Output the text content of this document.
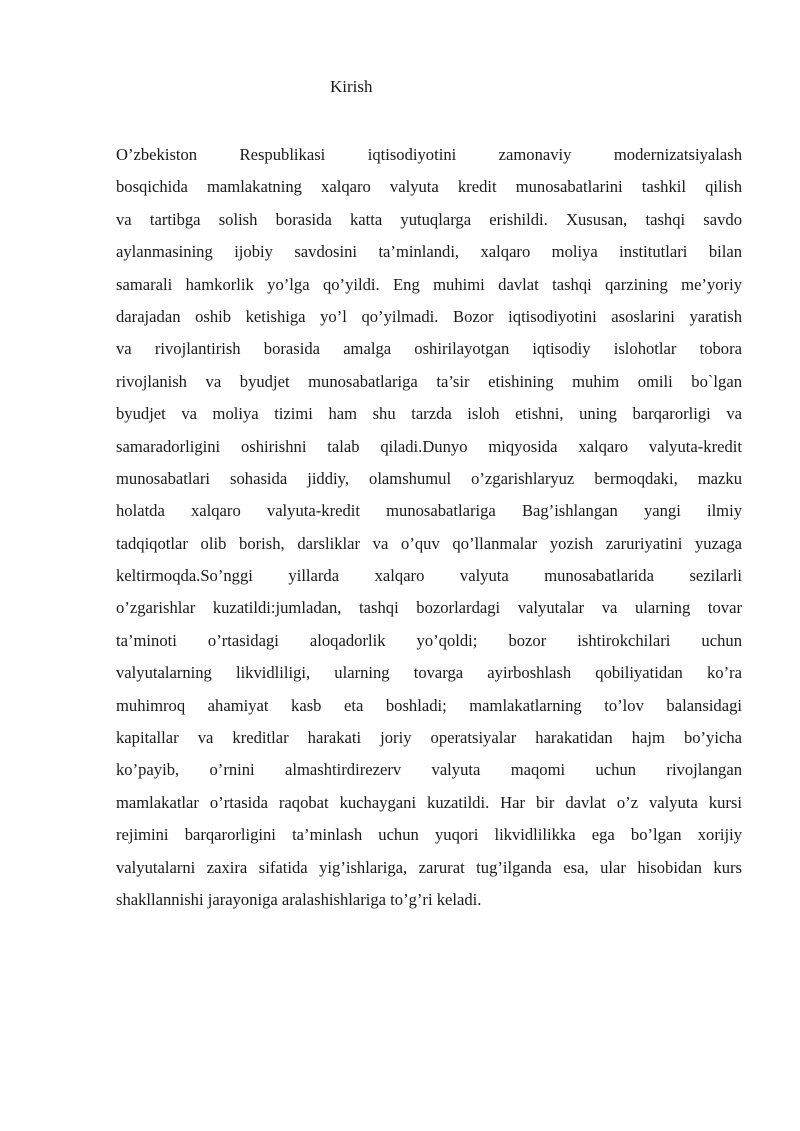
Kirish
O’zbekiston Respublikasi iqtisodiyotini zamonaviy modernizatsiyalash
bosqichida mamlakatning xalqaro valyuta kredit munosabatlarini tashkil qilish
va tartibga solish borasida katta yutuqlarga erishildi. Xususan, tashqi savdo
aylanmasining ijobiy savdosini ta’minlandi, xalqaro moliya institutlari bilan
samarali hamkorlik yo’lga qo’yildi. Eng muhimi davlat tashqi qarzining me’yoriy
darajadan oshib ketishiga yo’l qo’yilmadi. Bozor iqtisodiyotini asoslarini yaratish
va rivojlantirish borasida amalga oshirilayotgan iqtisodiy islohotlar tobora
rivojlanish va byudjet munosabatlariga ta’sir etishining muhim omili bo`lgan
byudjet va moliya tizimi ham shu tarzda isloh etishni, uning barqarorligi va
samaradorligini oshirishni talab qiladi.Dunyo miqyosida xalqaro valyuta-kredit
munosabatlari sohasida jiddiy, olamshumul o’zgarishlaryuz bermoqdaki, mazku
holatda xalqaro valyuta-kredit munosabatlariga Bag’ishlangan yangi ilmiy
tadqiqotlar olib borish, darsliklar va o’quv qo’llanmalar yozish zaruriyatini yuzaga
keltirmoqda.So’nggi yillarda xalqaro valyuta munosabatlarida sezilarli
o’zgarishlar kuzatildi:jumladan, tashqi bozorlardagi valyutalar va ularning tovar
ta’minoti o’rtasidagi aloqadorlik yo’qoldi; bozor ishtirokchilari uchun
valyutalarning likvidliligi, ularning tovarga ayirboshlash qobiliyatidan ko’ra
muhimroq ahamiyat kasb eta boshladi; mamlakatlarning to’lov balansidagi
kapitallar va kreditlar harakati joriy operatsiyalar harakatidan hajm bo’yicha
ko’payib, o’rnini almashtirdirezerv valyuta maqomi uchun rivojlangan
mamlakatlar o’rtasida raqobat kuchaygani kuzatildi. Har bir davlat o’z valyuta kursi
rejimini barqarorligini ta’minlash uchun yuqori likvidlilikka ega bo’lgan xorijiy
valyutalarni zaxira sifatida yig’ishlariga, zarurat tug’ilganda esa, ular hisobidan kurs
shakllannishi jarayoniga aralashishlariga to’g’ri keladi.
